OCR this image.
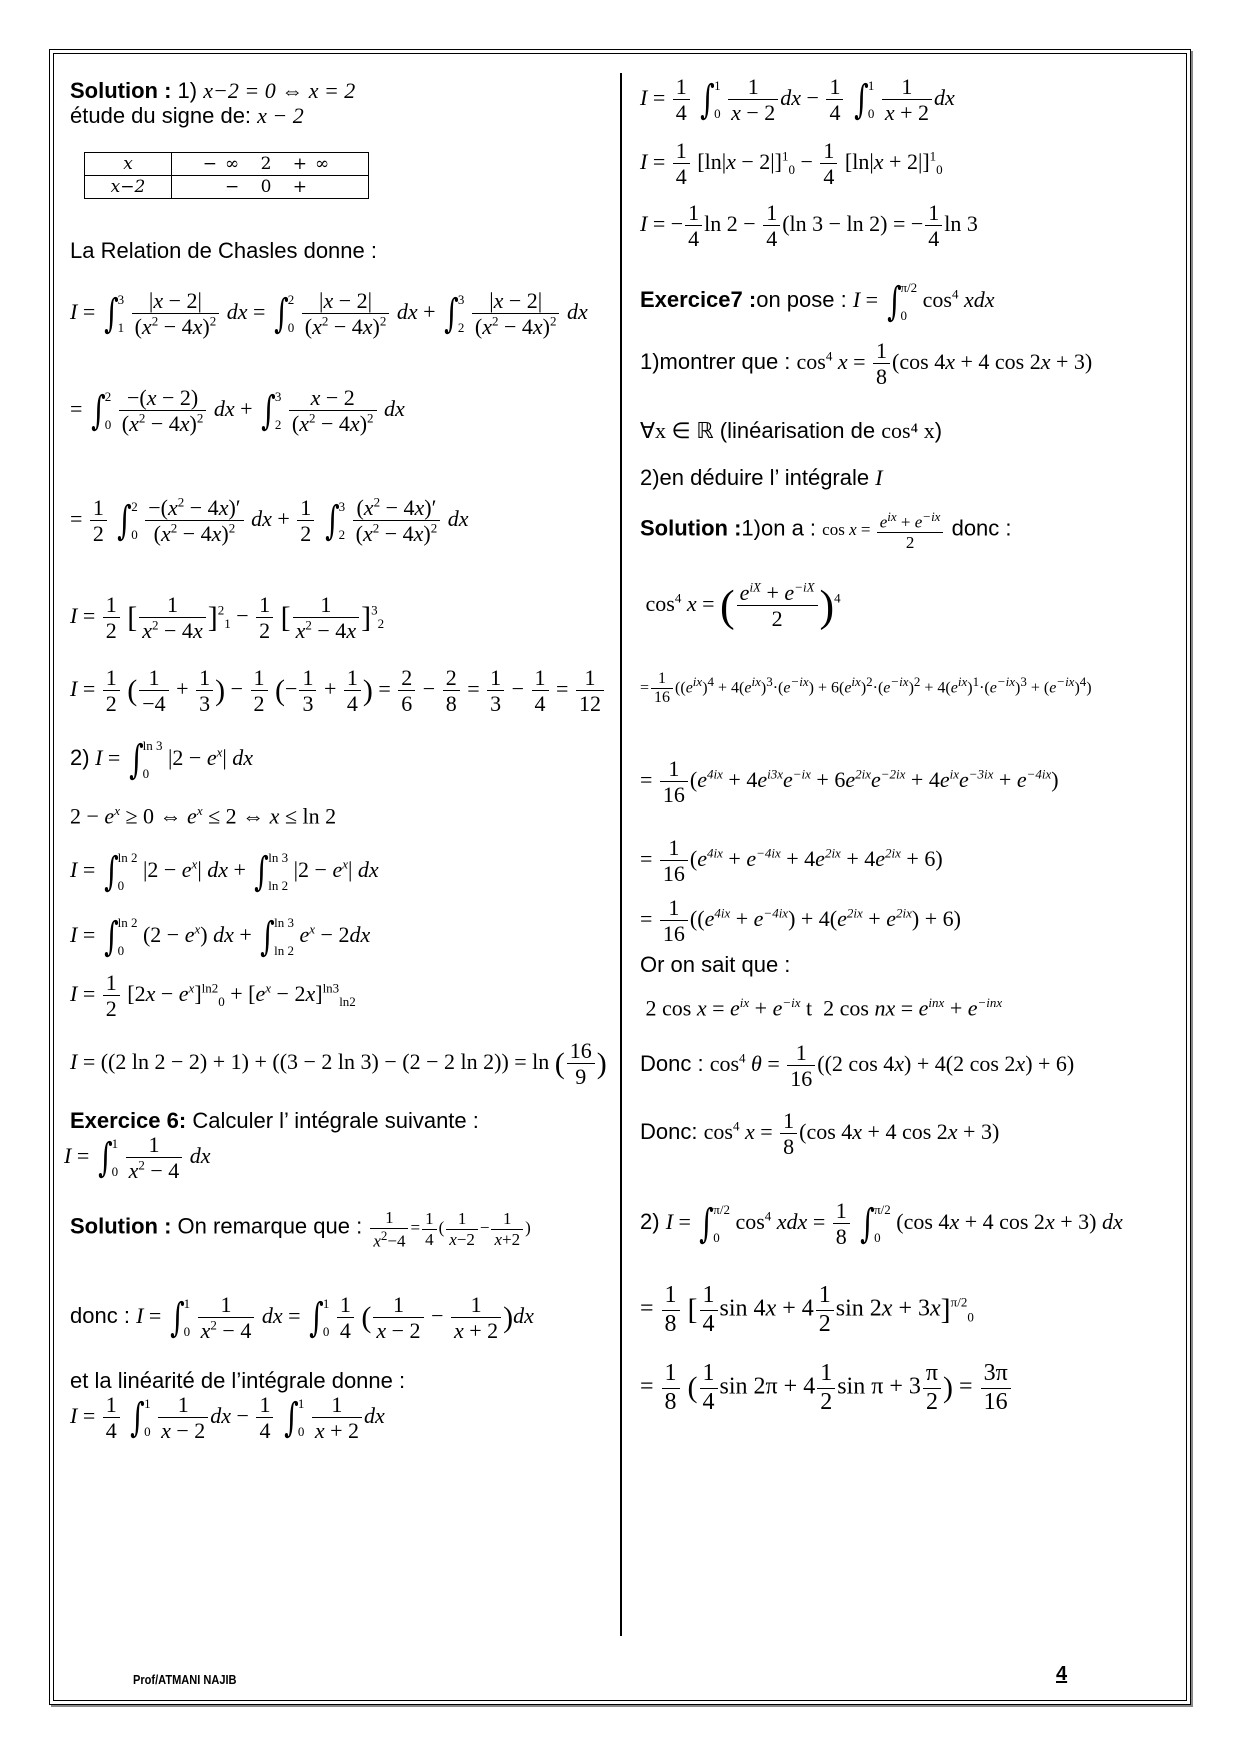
Solution : 1) x−2 = 0 ⇔ x = 2
étude du signe de: x − 2
x	−∞ 2 +∞
x−2	− 0 +
La Relation de Chasles donne :
I = ∫ 3
1
$\frac{|x - 2|}{(x^2 - 4x)^2}$ dx = ∫ 2
0
$\frac{|x - 2|}{(x^2 - 4x)^2}$ dx + ∫ 3
2
$\frac{|x - 2|}{(x^2 - 4x)^2}$ dx
= ∫ 2
0
$\frac{-(x - 2)}{(x^2 - 4x)^2}$ dx + ∫ 3
2
$\frac{x - 2}{(x^2 - 4x)^2}$ dx
= $\frac{1}{2}$
∫ 2
0
$\frac{-(x^2 - 4x)'}{(x^2 - 4x)^2}$ dx + $\frac{1}{2}$
∫ 3
2
$\frac{(x^2 - 4x)'}{(x^2 - 4x)^2}$ dx
$I = \frac{1}{2}$ [ $\frac{1}{x^2 - 4x} ]^2_1 - \frac{1}{2}$ [ $\frac{1}{x^2 - 4x} ]^3_2$
$I = \frac{1}{2}$ ( $\frac{1}{-4} + \frac{1}{3}$ ) − $\frac{1}{2}$ (− $\frac{1}{3} + \frac{1}{4}$ ) = $\frac{2}{6} - \frac{2}{8} = \frac{1}{3} - \frac{1}{4} = \frac{1}{12}$
2) I = ∫ ln 3
0
$|2 - e^x|$ dx
$2 - e^x \ge 0$ ⇔ $e^x \le 2$ ⇔ x ≤ ln 2
I = ∫ ln 2
0
$|2 - e^x|$ dx + ∫ ln 3
ln 2
$|2 - e^x|$ dx
I = ∫ ln 2
0
$(2 - e^x)$ dx + ∫ ln 3
ln 2
$e^x - 2dx$
$I = \frac{1}{2} [2x - e^x]^{ln2}_0 + [e^x - 2x]^{ln3}_{ln2}$
I = ((2 ln 2 − 2) + 1) + ((3 − 2 ln 3) − (2 − 2 ln 2)) = ln ( $\frac{16}{9}$ )
Exercice 6: Calculer l’ intégrale suivante :
I = ∫ 1
0
$\frac{1}{x^2 - 4}$ dx
Solution : On remarque que : $\frac{1}{x^2-4} = \frac{1}{4}$ ( $\frac{1}{x-2} - \frac{1}{x+2}$ )
donc : I = ∫ 1
0
$\frac{1}{x^2 - 4}$ dx = ∫ 1
0
$\frac{1}{4}$ ( $\frac{1}{x - 2} - \frac{1}{x + 2} )dx$
et la linéarité de l’intégrale donne :
$I = \frac{1}{4}$
∫ 1
0
$\frac{1}{x - 2}$ dx − $\frac{1}{4}$
∫ 1
0
$\frac{1}{x + 2}$ dx
$I = \frac{1}{4}$
∫ 1
0
$\frac{1}{x - 2}$ dx − $\frac{1}{4}$
∫ 1
0
$\frac{1}{x + 2}$ dx
$I = \frac{1}{4} [\ln|x - 2|]^1_0 - \frac{1}{4} [\ln|x + 2|]^1_0$
I = − $\frac{1}{4}$ $\ln 2 - \frac{1}{4} (\ln$ 3 − ln 2) = − $\frac{1}{4}$ ln 3
Exercice7 :on pose : I = ∫ π/2
0
$\cos^4$ xdx
1)montrer que : $\cos^4 x = \frac{1}{8} (\cos$ 4x + 4 cos 2x + 3)
∀x ∈ ℝ (linéarisation de cos⁴ x)
2)en déduire l’ intégrale I
Solution :1)on a : $\cos x = \frac{e^{ix} + e^{-ix}}{2}$ donc :
$\cos^4 x$ = ( $\frac{e^{iX} + e^{-iX}}{2} )^4$
= $\frac{1}{16} ((e^{ix})^4 + 4(e^{ix})^3\cdot(e^{-ix}) + 6(e^{ix})^2\cdot(e^{-ix})^2 + 4(e^{ix})^1\cdot(e^{-ix})^3 + (e^{-ix})^4)$
= $\frac{1}{16} (e^{4ix} + 4e^{i3x}e^{-ix} + 6e^{2ix}e^{-2ix} + 4e^{ix}e^{-3ix} + e^{-4ix})$
= $\frac{1}{16} (e^{4ix} + e^{-4ix} + 4e^{2ix} + 4e^{2ix} + 6)$
= $\frac{1}{16} ((e^{4ix} + e^{-4ix}) + 4(e^{2ix} + e^{2ix}) + 6)$
Or on sait que :
2 $\cos x = e^{ix} + e^{-ix}$ t  2 cos nx = $e^{inx} + e^{-inx}$
Donc : $\cos^4 \theta = \frac{1}{16} ((2$ cos 4x) + 4(2 cos 2x) + 6)
Donc: $\cos^4 x = \frac{1}{8} (\cos$ 4x + 4 cos 2x + 3)
2) I = ∫ π/2
0
$\cos^4$ xdx = $\frac{1}{8}$
∫ π/2
0
(cos 4x + 4 cos 2x + 3) dx
= $\frac{1}{8}$ [ $\frac{1}{4}$ $\sin 4x + 4 \frac{1}{2}$ sin 2x + 3x]$^{\pi/2}_0$
= $\frac{1}{8}$ ( $\frac{1}{4}$ $\sin 2\pi + 4 \frac{1}{2}$ $\sin \pi + 3 \frac{\pi}{2}$ ) = $\frac{3\pi}{16}$
Prof/ATMANI NAJIB	4
